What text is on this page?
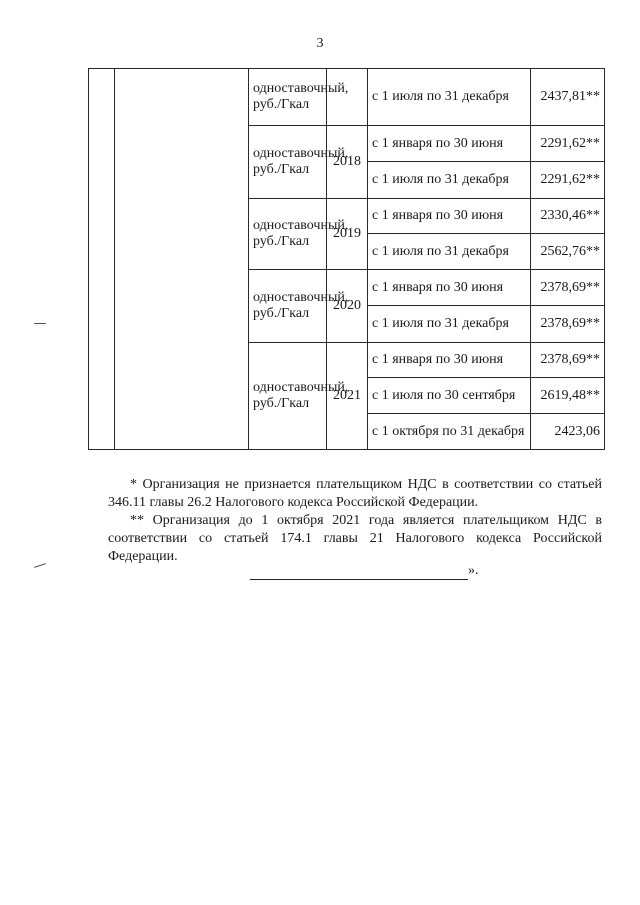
3
		одноставочный, руб./Гкал		с 1 июля по 31 декабря	2437,81**
		одноставочный, руб./Гкал	2018	с 1 января по 30 июня	2291,62**
				с 1 июля по 31 декабря	2291,62**
		одноставочный, руб./Гкал	2019	с 1 января по 30 июня	2330,46**
				с 1 июля по 31 декабря	2562,76**
		одноставочный, руб./Гкал	2020	с 1 января по 30 июня	2378,69**
				с 1 июля по 31 декабря	2378,69**
		одноставочный, руб./Гкал	2021	с 1 января по 30 июня	2378,69**
				с 1 июля по 30 сентября	2619,48**
				с 1 октября по 31 декабря	2423,06
* Организация не признается плательщиком НДС в соответствии со статьей 346.11 главы 26.2 Налогового кодекса Российской Федерации.
** Организация до 1 октября 2021 года является плательщиком НДС в соответствии со статьей 174.1 главы 21 Налогового кодекса Российской Федерации.
».
